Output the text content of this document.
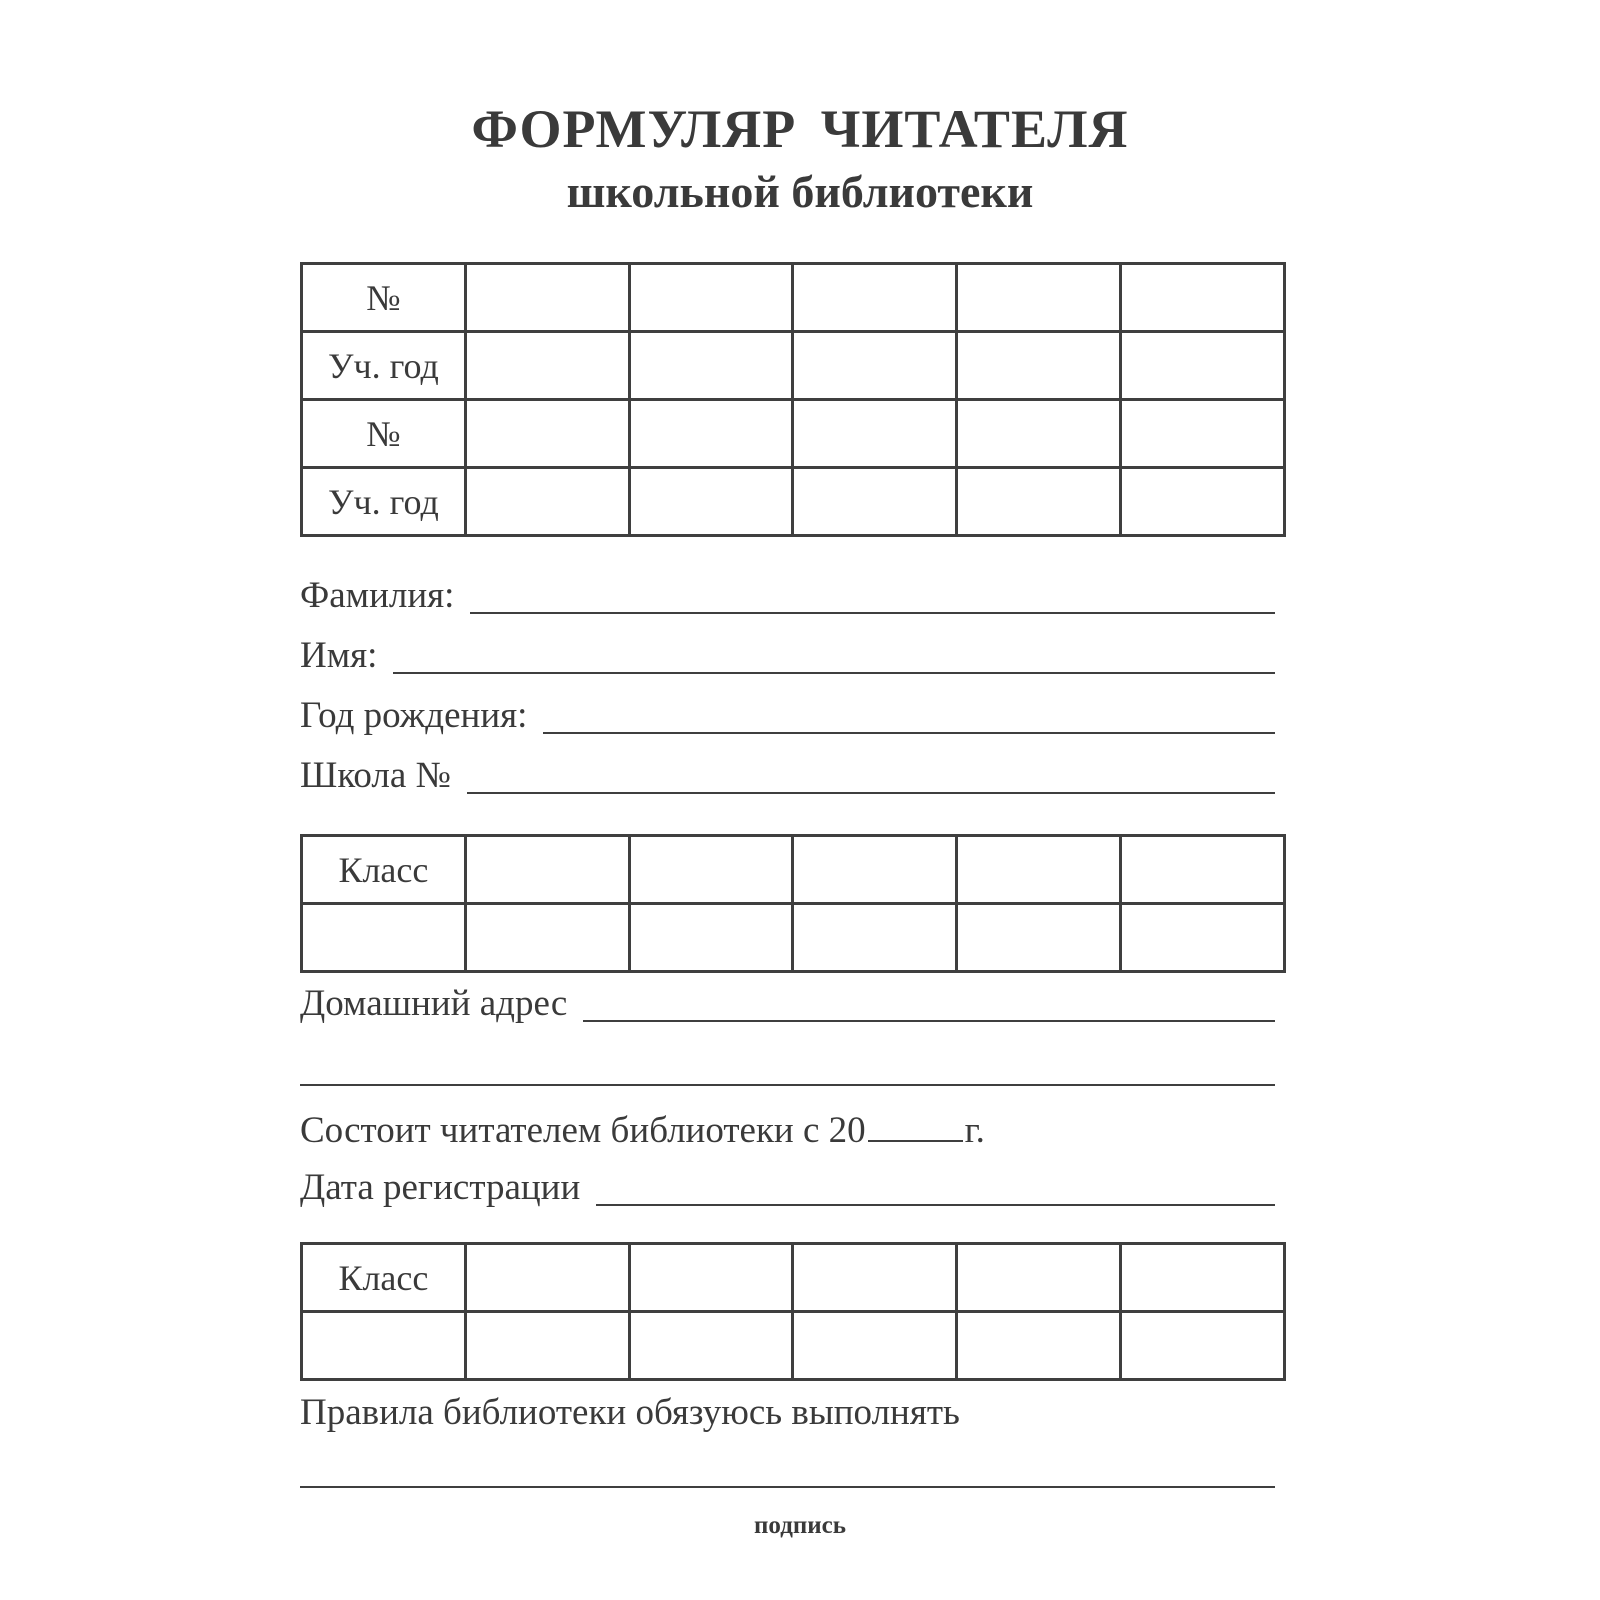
ФОРМУЛЯР ЧИТАТЕЛЯ
школьной библиотеки
№					
Уч. год					
№					
Уч. год					
Фамилия:
Имя:
Год рождения:
Школа №
Класс					

Домашний адрес
Состоит читателем библиотеки с 20	г.
Дата регистрации
Класс					

Правила библиотеки обязуюсь выполнять
подпись
